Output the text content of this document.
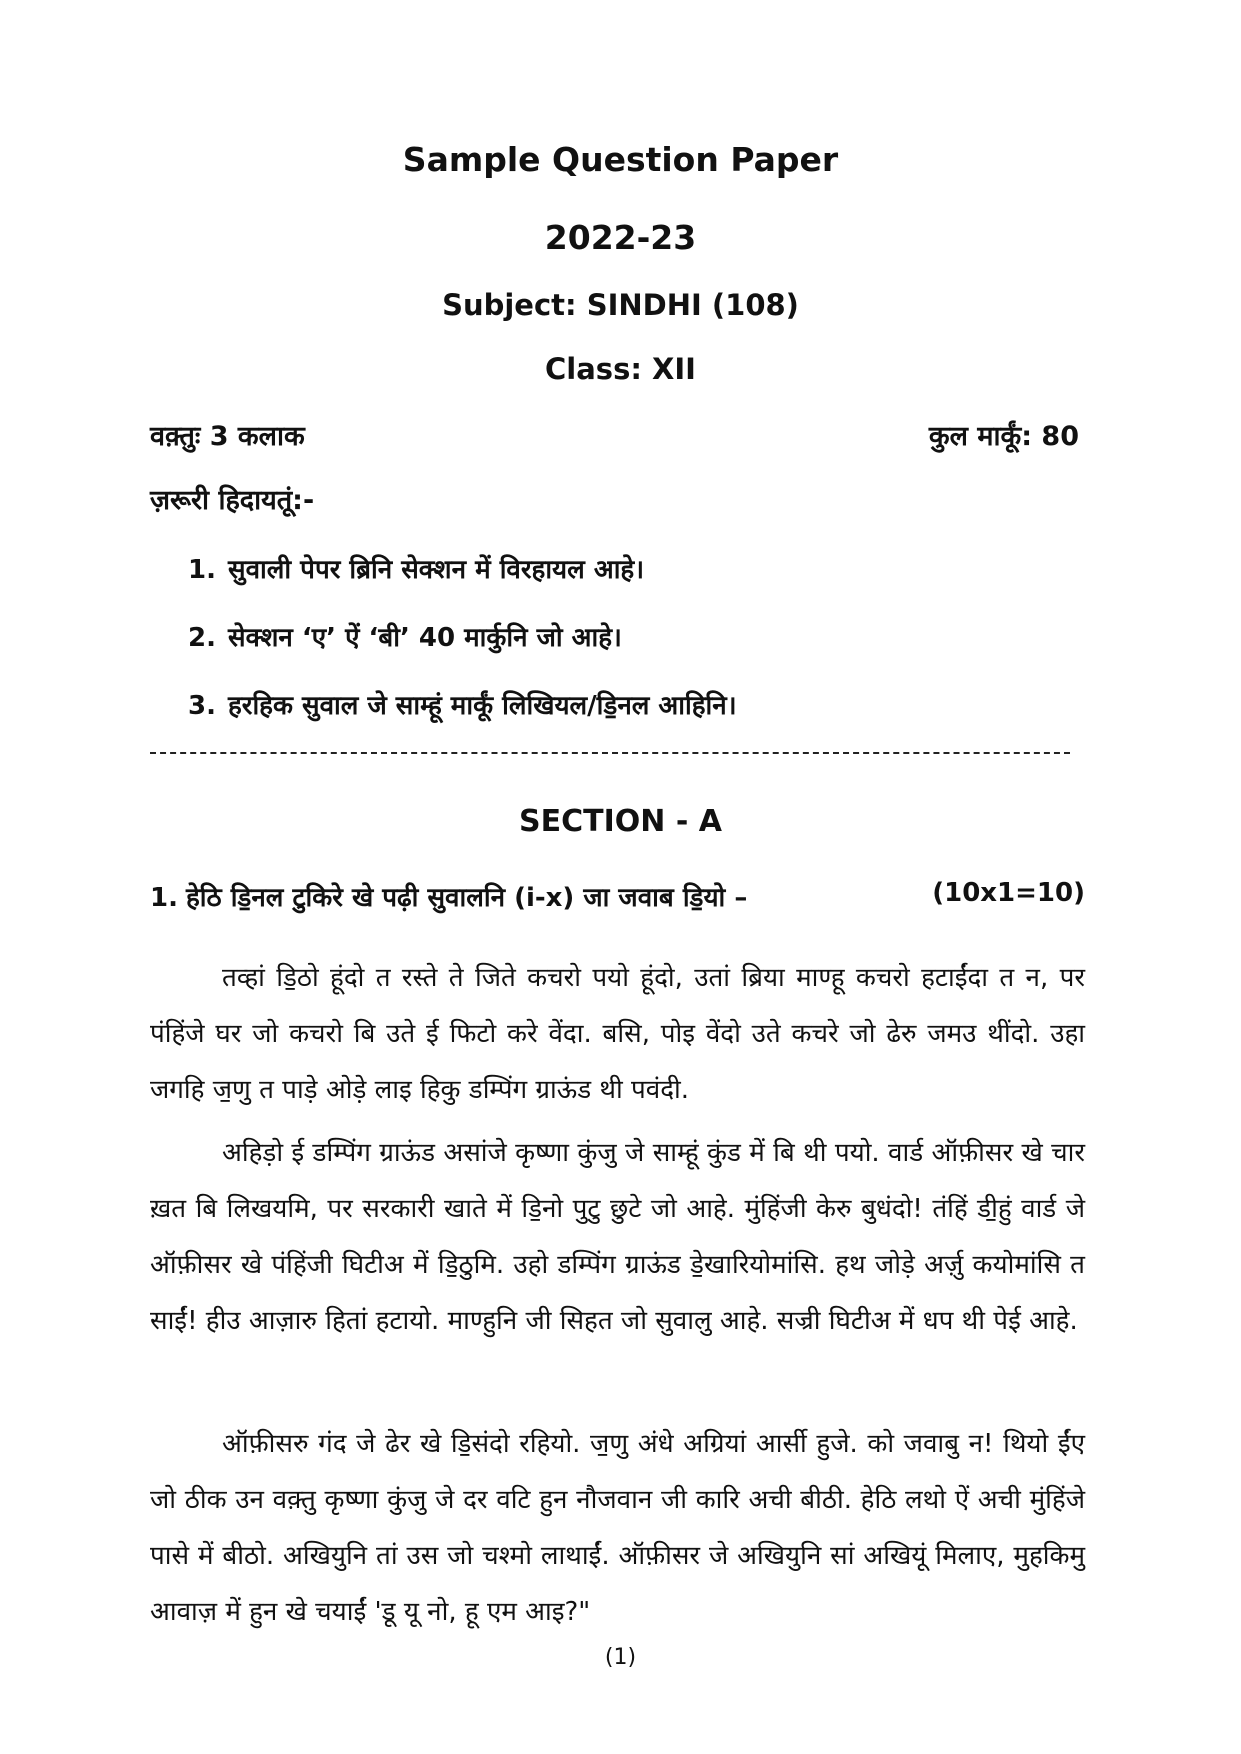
Sample Question Paper
2022-23
Subject: SINDHI (108)
Class: XII
वक़्तुः 3 कलाक	कुल मार्कूं: 80
ज़रूरी हिदायतूं:-
1. सुवाली पेपर ब्रिनि सेक्शन में विरहायल आहे।
2. सेक्शन ‘ए’ ऐं ‘बी’ 40 मार्कुनि जो आहे।
3. हरहिक सुवाल जे साम्हूं मार्कूं लिखियल/डि॒नल आहिनि।
SECTION - A
1. हेठि डि॒नल टुकिरे खे पढ़ी सुवालनि (i-x) जा जवाब डि॒यो –	(10x1=10)

तव्हां डि॒ठो हूंदो त रस्ते ते जिते कचरो पयो हूंदो, उतां ब्रिया माण्हू कचरो हटाईंदा त न, पर पंहिंजे घर जो कचरो बि उते ई फिटो करे वेंदा. बसि, पोइ वेंदो उते कचरे जो ढेरु जमउ थींदो. उहा जगहि ज॒णु त पाड़े ओड़े लाइ हिकु डम्पिंग ग्राऊंड थी पवंदी.

अहिड़ो ई डम्पिंग ग्राऊंड असांजे कृष्णा कुंजु जे साम्हूं कुंड में बि थी पयो. वार्ड ऑफ़ीसर खे चार ख़त बि लिखयमि, पर सरकारी खाते में डि॒नो पुटु छुटे जो आहे. मुंहिंजी केरु बुधंदो! तंहिं डी॒हुं वार्ड जे ऑफ़ीसर खे पंहिंजी घिटीअ में डि॒ठुमि. उहो डम्पिंग ग्राऊंड डे॒खारियोमांसि. हथ जोड़े अर्ज़ु कयोमांसि त साईं! हीउ आज़ारु हितां हटायो. माण्हुनि जी सिहत जो सुवालु आहे. सज्री घिटीअ में धप थी पेई आहे.

ऑफ़ीसरु गंद जे ढेर खे डि॒संदो रहियो. ज॒णु अंधे अग्रियां आर्सी हुजे. को जवाबु न! थियो ईंए जो ठीक उन वक़्तु कृष्णा कुंजु जे दर वटि हुन नौजवान जी कारि अची बीठी. हेठि लथो ऐं अची मुंहिंजे पासे में बीठो. अखियुनि तां उस जो चश्मो लाथाईं. ऑफ़ीसर जे अखियुनि सां अखियूं मिलाए, मुहकिमु आवाज़ में हुन खे चयाईं 'डू यू नो, हू एम आइ?"

(1)
